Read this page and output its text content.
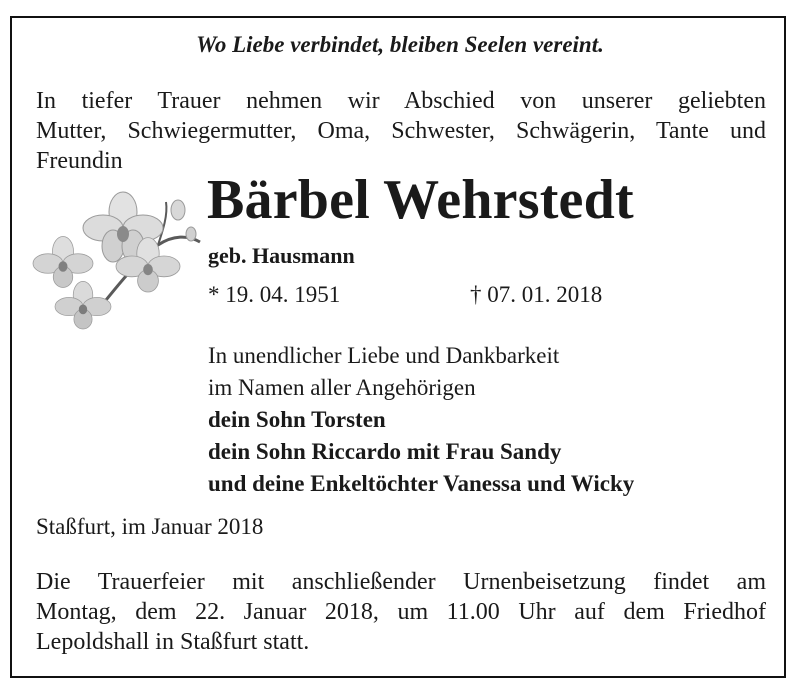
Wo Liebe verbindet, bleiben Seelen vereint.

In tiefer Trauer nehmen wir Abschied von unserer geliebten
Mutter, Schwiegermutter, Oma, Schwester, Schwägerin, Tante und
Freundin

Bärbel Wehrstedt

geb. Hausmann

* 19. 04. 1951	† 07. 01. 2018

In unendlicher Liebe und Dankbarkeit
im Namen aller Angehörigen
dein Sohn Torsten
dein Sohn Riccardo mit Frau Sandy
und deine Enkeltöchter Vanessa und Wicky

Staßfurt, im Januar 2018

Die Trauerfeier mit anschließender Urnenbeisetzung findet am
Montag, dem 22. Januar 2018, um 11.00 Uhr auf dem Friedhof
Lepoldshall in Staßfurt statt.
